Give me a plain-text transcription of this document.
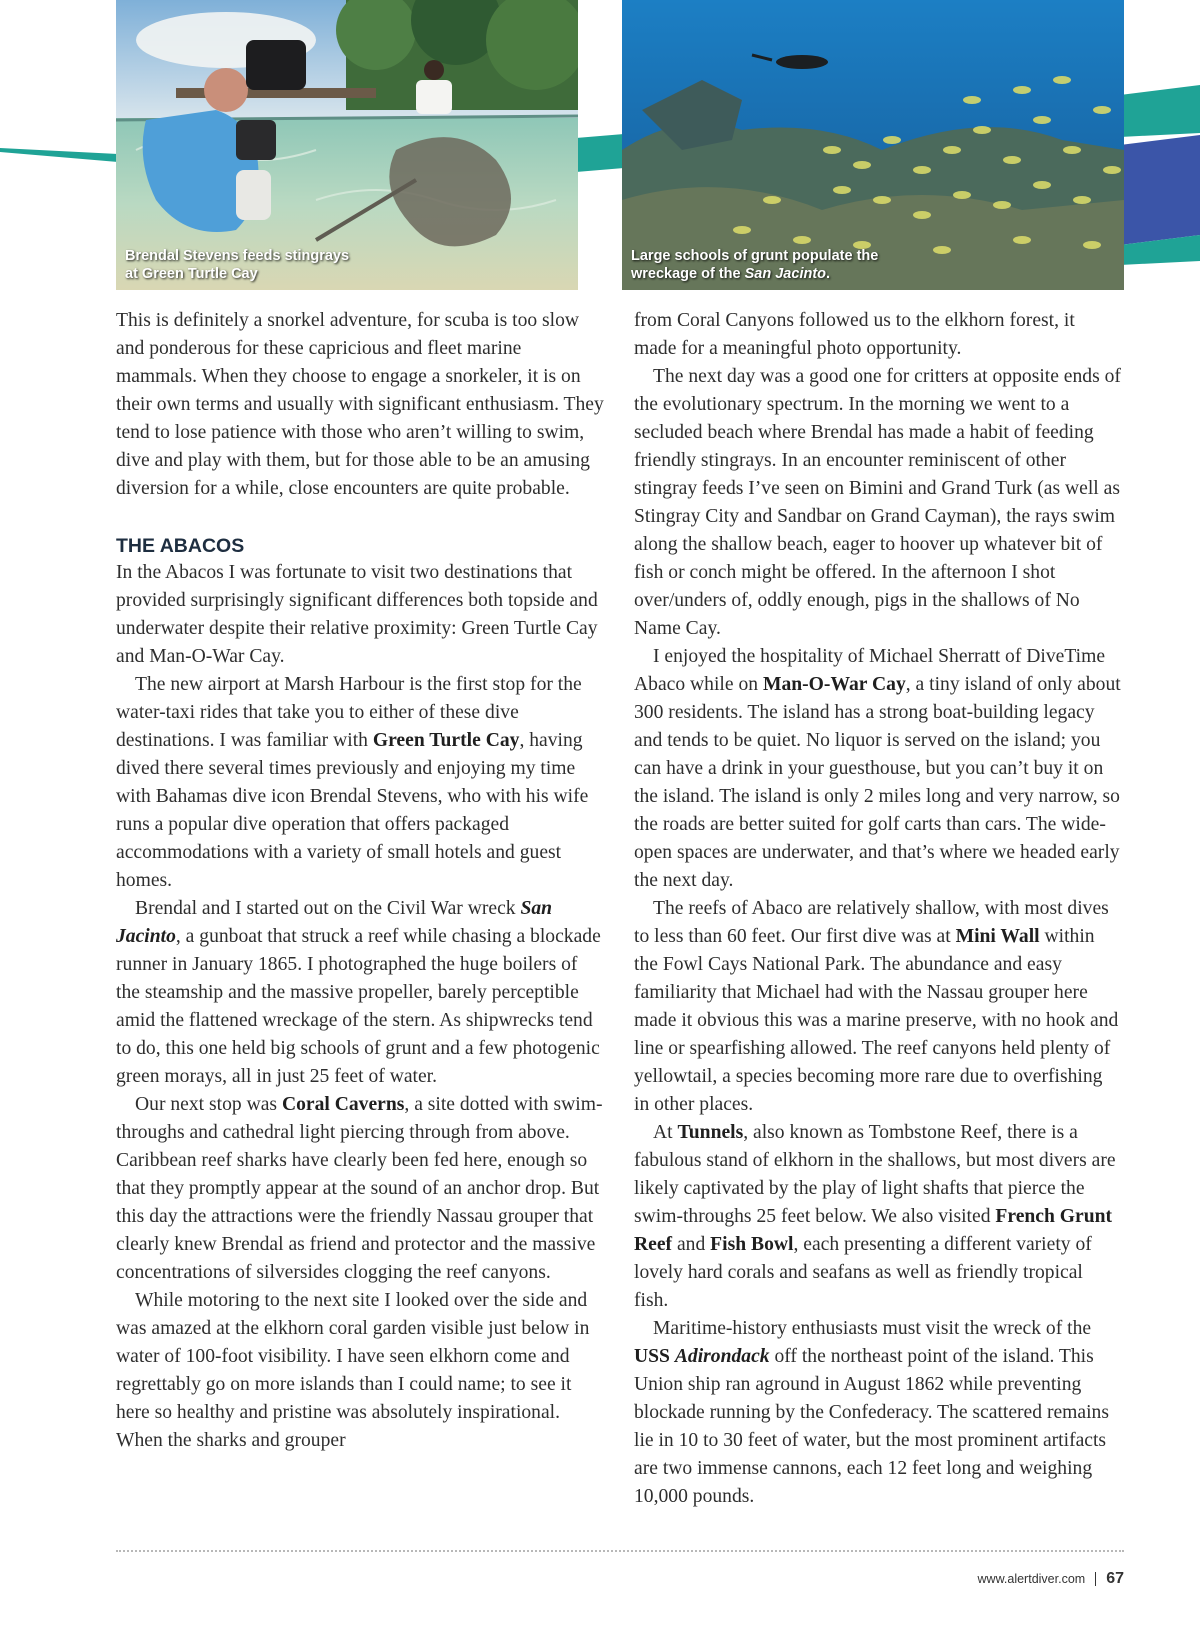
Brendal Stevens feeds stingrays
at Green Turtle Cay
Large schools of grunt populate the
wreckage of the San Jacinto.

This is definitely a snorkel adventure, for scuba is too slow and ponderous for these capricious and fleet marine mammals. When they choose to engage a snorkeler, it is on their own terms and usually with significant enthusiasm. They tend to lose patience with those who aren’t willing to swim, dive and play with them, but for those able to be an amusing diversion for a while, close encounters are quite probable.

THE ABACOS

In the Abacos I was fortunate to visit two destinations that provided surprisingly significant differences both topside and underwater despite their relative proximity: Green Turtle Cay and Man-O-War Cay.

The new airport at Marsh Harbour is the first stop for the water-taxi rides that take you to either of these dive destinations. I was familiar with Green Turtle Cay, having dived there several times previously and enjoying my time with Bahamas dive icon Brendal Stevens, who with his wife runs a popular dive operation that offers packaged accommodations with a variety of small hotels and guest homes.

Brendal and I started out on the Civil War wreck San Jacinto, a gunboat that struck a reef while chasing a blockade runner in January 1865. I photographed the huge boilers of the steamship and the massive propeller, barely perceptible amid the flattened wreckage of the stern. As shipwrecks tend to do, this one held big schools of grunt and a few photogenic green morays, all in just 25 feet of water.

Our next stop was Coral Caverns, a site dotted with swim-throughs and cathedral light piercing through from above. Caribbean reef sharks have clearly been fed here, enough so that they promptly appear at the sound of an anchor drop. But this day the attractions were the friendly Nassau grouper that clearly knew Brendal as friend and protector and the massive concentrations of silversides clogging the reef canyons.

While motoring to the next site I looked over the side and was amazed at the elkhorn coral garden visible just below in water of 100-foot visibility. I have seen elkhorn come and regrettably go on more islands than I could name; to see it here so healthy and pristine was absolutely inspirational. When the sharks and grouper

from Coral Canyons followed us to the elkhorn forest, it made for a meaningful photo opportunity.

The next day was a good one for critters at opposite ends of the evolutionary spectrum. In the morning we went to a secluded beach where Brendal has made a habit of feeding friendly stingrays. In an encounter reminiscent of other stingray feeds I’ve seen on Bimini and Grand Turk (as well as Stingray City and Sandbar on Grand Cayman), the rays swim along the shallow beach, eager to hoover up whatever bit of fish or conch might be offered. In the afternoon I shot over/unders of, oddly enough, pigs in the shallows of No Name Cay.

I enjoyed the hospitality of Michael Sherratt of DiveTime Abaco while on Man-O-War Cay, a tiny island of only about 300 residents. The island has a strong boat-building legacy and tends to be quiet. No liquor is served on the island; you can have a drink in your guesthouse, but you can’t buy it on the island. The island is only 2 miles long and very narrow, so the roads are better suited for golf carts than cars. The wide-open spaces are underwater, and that’s where we headed early the next day.

The reefs of Abaco are relatively shallow, with most dives to less than 60 feet. Our first dive was at Mini Wall within the Fowl Cays National Park. The abundance and easy familiarity that Michael had with the Nassau grouper here made it obvious this was a marine preserve, with no hook and line or spearfishing allowed. The reef canyons held plenty of yellowtail, a species becoming more rare due to overfishing in other places.

At Tunnels, also known as Tombstone Reef, there is a fabulous stand of elkhorn in the shallows, but most divers are likely captivated by the play of light shafts that pierce the swim-throughs 25 feet below. We also visited French Grunt Reef and Fish Bowl, each presenting a different variety of lovely hard corals and seafans as well as friendly tropical fish.

Maritime-history enthusiasts must visit the wreck of the USS Adirondack off the northeast point of the island. This Union ship ran aground in August 1862 while preventing blockade running by the Confederacy. The scattered remains lie in 10 to 30 feet of water, but the most prominent artifacts are two immense cannons, each 12 feet long and weighing 10,000 pounds.

www.alertdiver.com 67
